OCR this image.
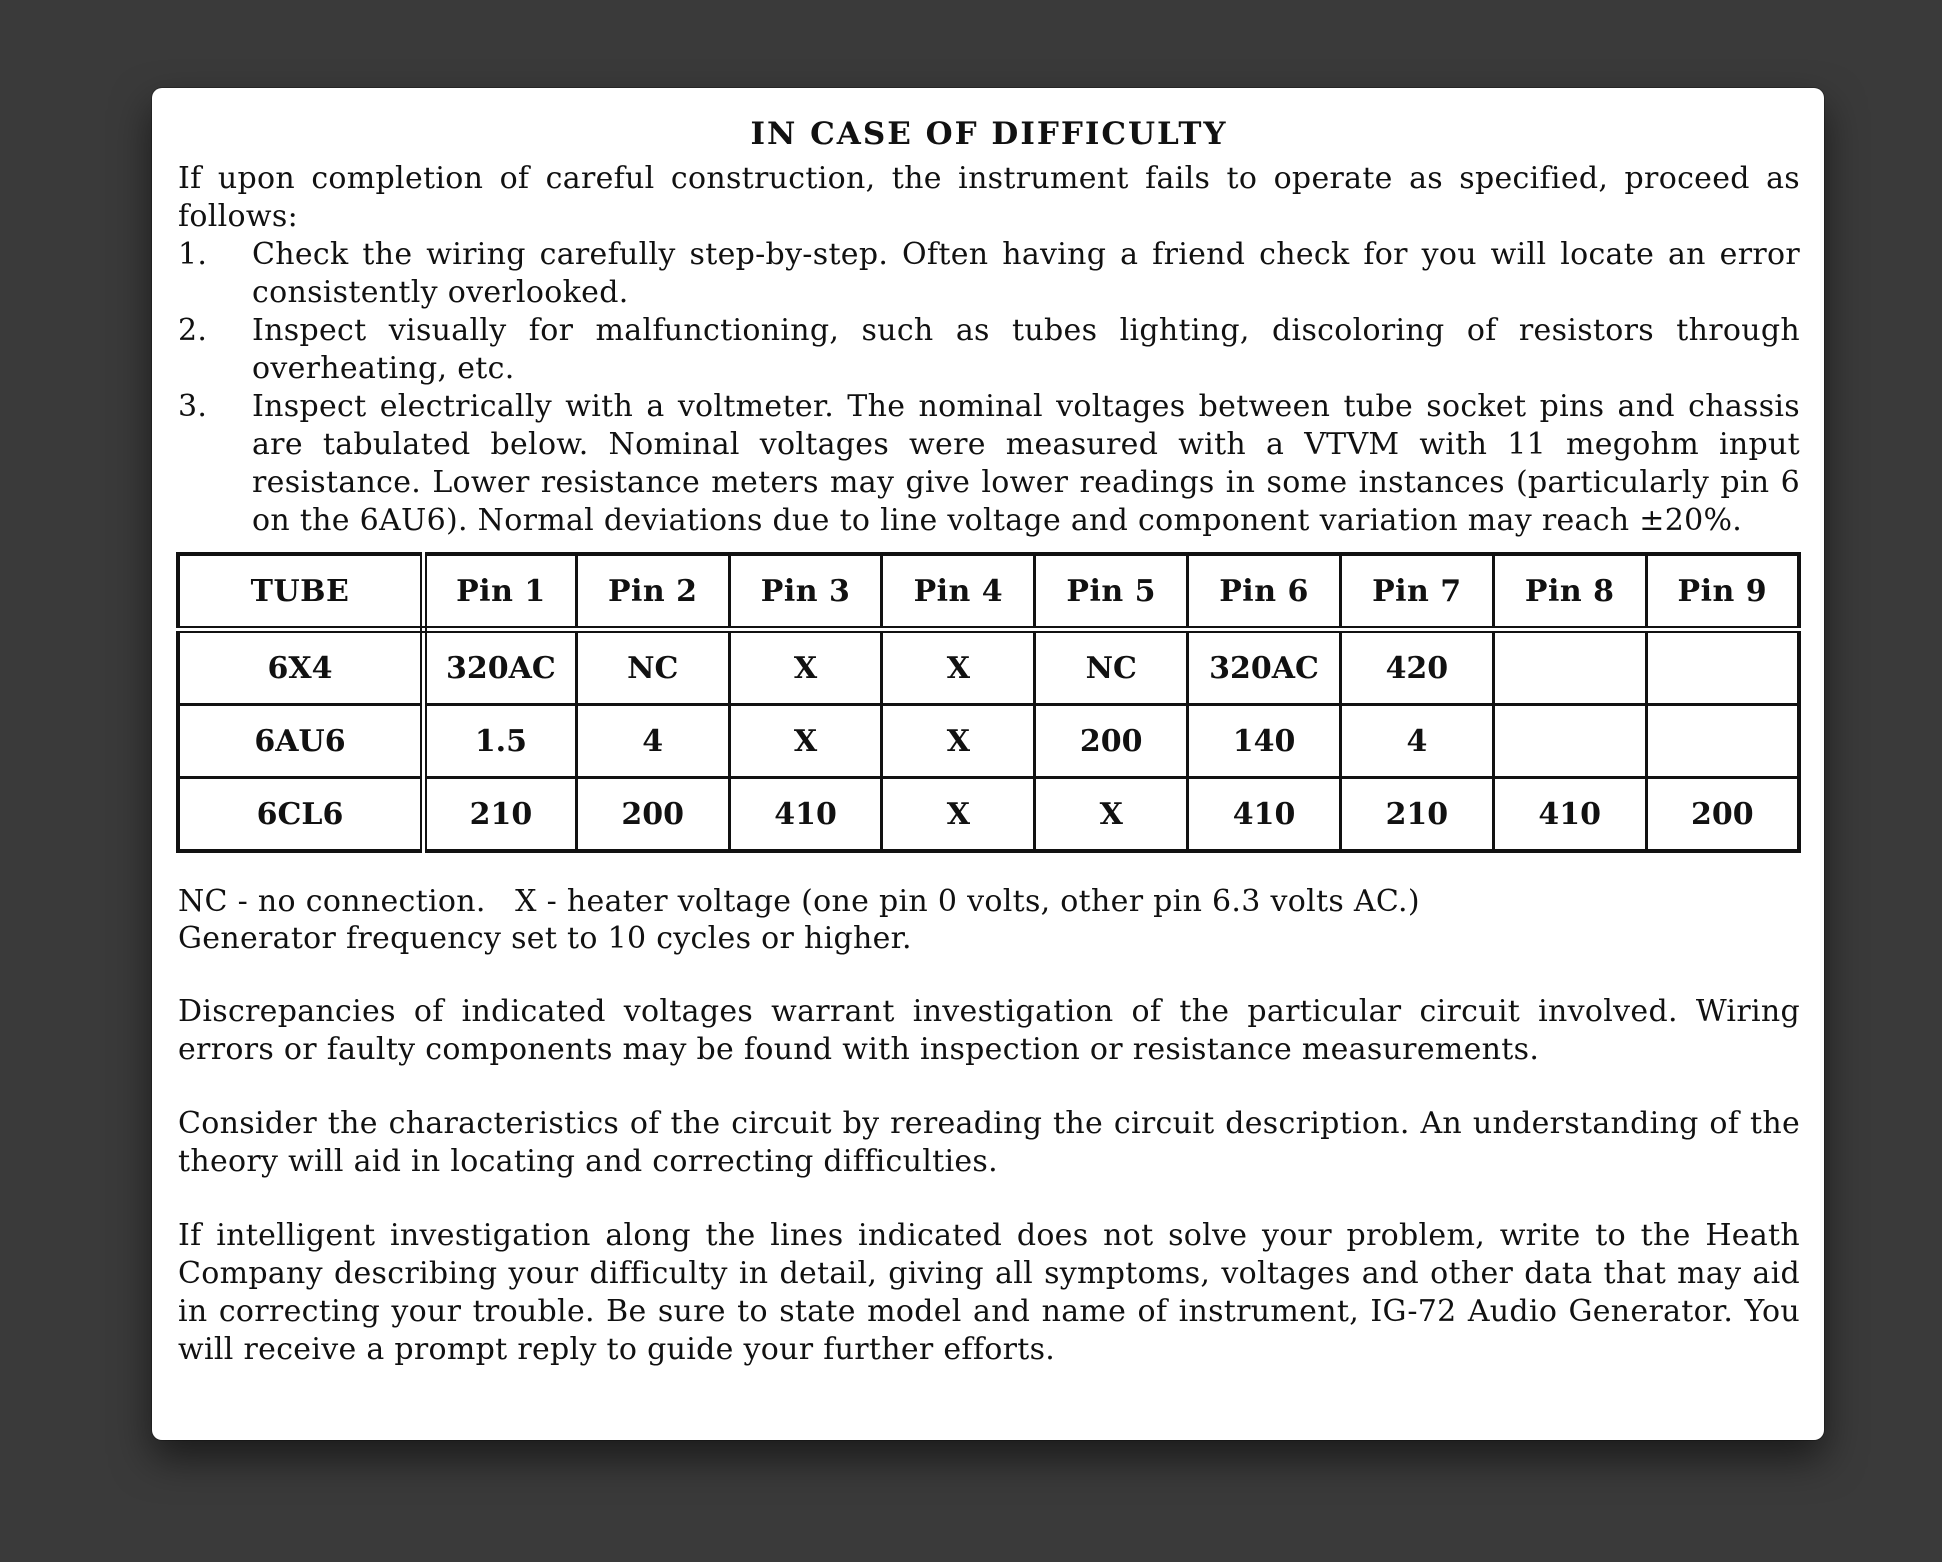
IN CASE OF DIFFICULTY

If upon completion of careful construction, the instrument fails to operate as specified, proceed as follows:

1.	Check the wiring carefully step-by-step. Often having a friend check for you will locate an error consistently overlooked.
2.	Inspect visually for malfunctioning, such as tubes lighting, discoloring of resistors through overheating, etc.
3.	Inspect electrically with a voltmeter. The nominal voltages between tube socket pins and chassis are tabulated below. Nominal voltages were measured with a VTVM with 11 megohm input resistance. Lower resistance meters may give lower readings in some instances (particularly pin 6 on the 6AU6). Normal deviations due to line voltage and component variation may reach ±20%.
TUBE	Pin 1	Pin 2	Pin 3	Pin 4	Pin 5	Pin 6	Pin 7	Pin 8	Pin 9
6X4	320AC	NC	X	X	NC	320AC	420		
6AU6	1.5	4	X	X	200	140	4		
6CL6	210	200	410	X	X	410	210	410	200

NC - no connection.   X - heater voltage (one pin 0 volts, other pin 6.3 volts AC.)

Generator frequency set to 10 cycles or higher.

Discrepancies of indicated voltages warrant investigation of the particular circuit involved. Wiring errors or faulty components may be found with inspection or resistance measurements.

Consider the characteristics of the circuit by rereading the circuit description. An understanding of the theory will aid in locating and correcting difficulties.

If intelligent investigation along the lines indicated does not solve your problem, write to the Heath Company describing your difficulty in detail, giving all symptoms, voltages and other data that may aid in correcting your trouble. Be sure to state model and name of instrument, IG-72 Audio Generator. You will receive a prompt reply to guide your further efforts.
